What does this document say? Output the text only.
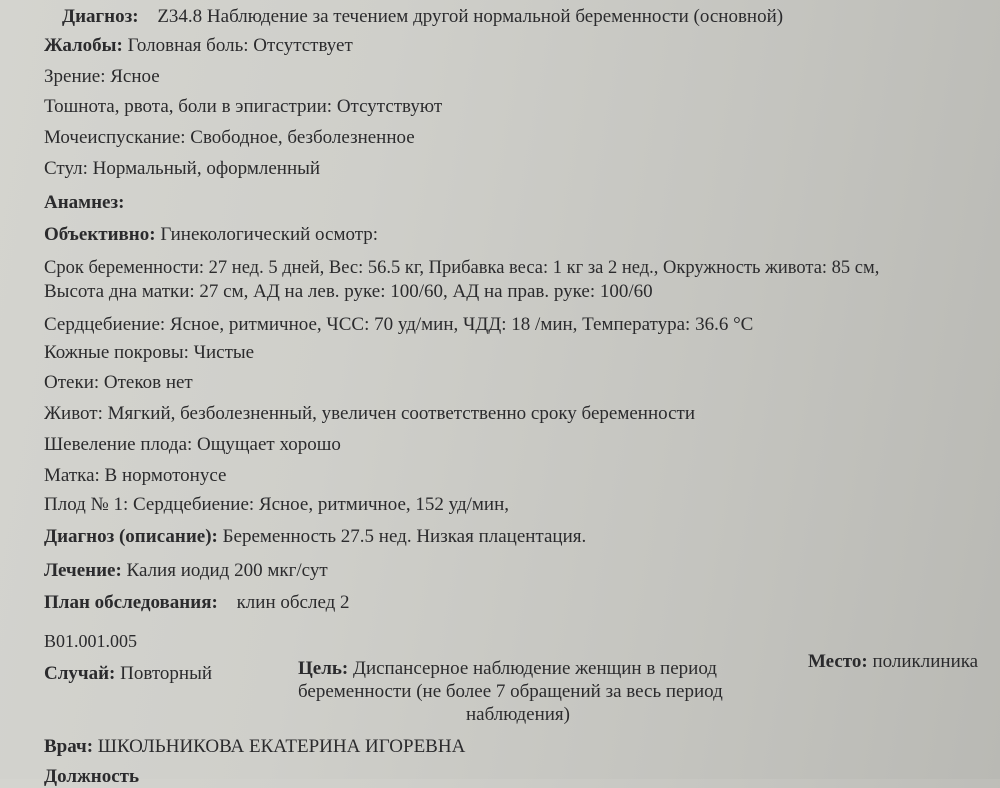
Диагноз: Z34.8 Наблюдение за течением другой нормальной беременности (основной)
Жалобы: Головная боль: Отсутствует
Зрение: Ясное
Тошнота, рвота, боли в эпигастрии: Отсутствуют
Мочеиспускание: Свободное, безболезненное
Стул: Нормальный, оформленный
Анамнез:
Объективно: Гинекологический осмотр:
Срок беременности: 27 нед. 5 дней, Вес: 56.5 кг, Прибавка веса: 1 кг за 2 нед., Окружность живота: 85 см,
Высота дна матки: 27 см, АД на лев. руке: 100/60, АД на прав. руке: 100/60
Сердцебиение: Ясное, ритмичное, ЧСС: 70 уд/мин, ЧДД: 18 /мин, Температура: 36.6 °C
Кожные покровы: Чистые
Отеки: Отеков нет
Живот: Мягкий, безболезненный, увеличен соответственно сроку беременности
Шевеление плода: Ощущает хорошо
Матка: В нормотонусе
Плод № 1: Сердцебиение: Ясное, ритмичное, 152 уд/мин,
Диагноз (описание): Беременность 27.5 нед. Низкая плацентация.
Лечение: Калия иодид 200 мкг/сут
План обследования: клин обслед 2
B01.001.005
Случай: Повторный	Цель: Диспансерное наблюдение женщин в период
беременности (не более 7 обращений за весь период
наблюдения)
Место: поликлиника
Врач: ШКОЛЬНИКОВА ЕКАТЕРИНА ИГОРЕВНА
Должность
